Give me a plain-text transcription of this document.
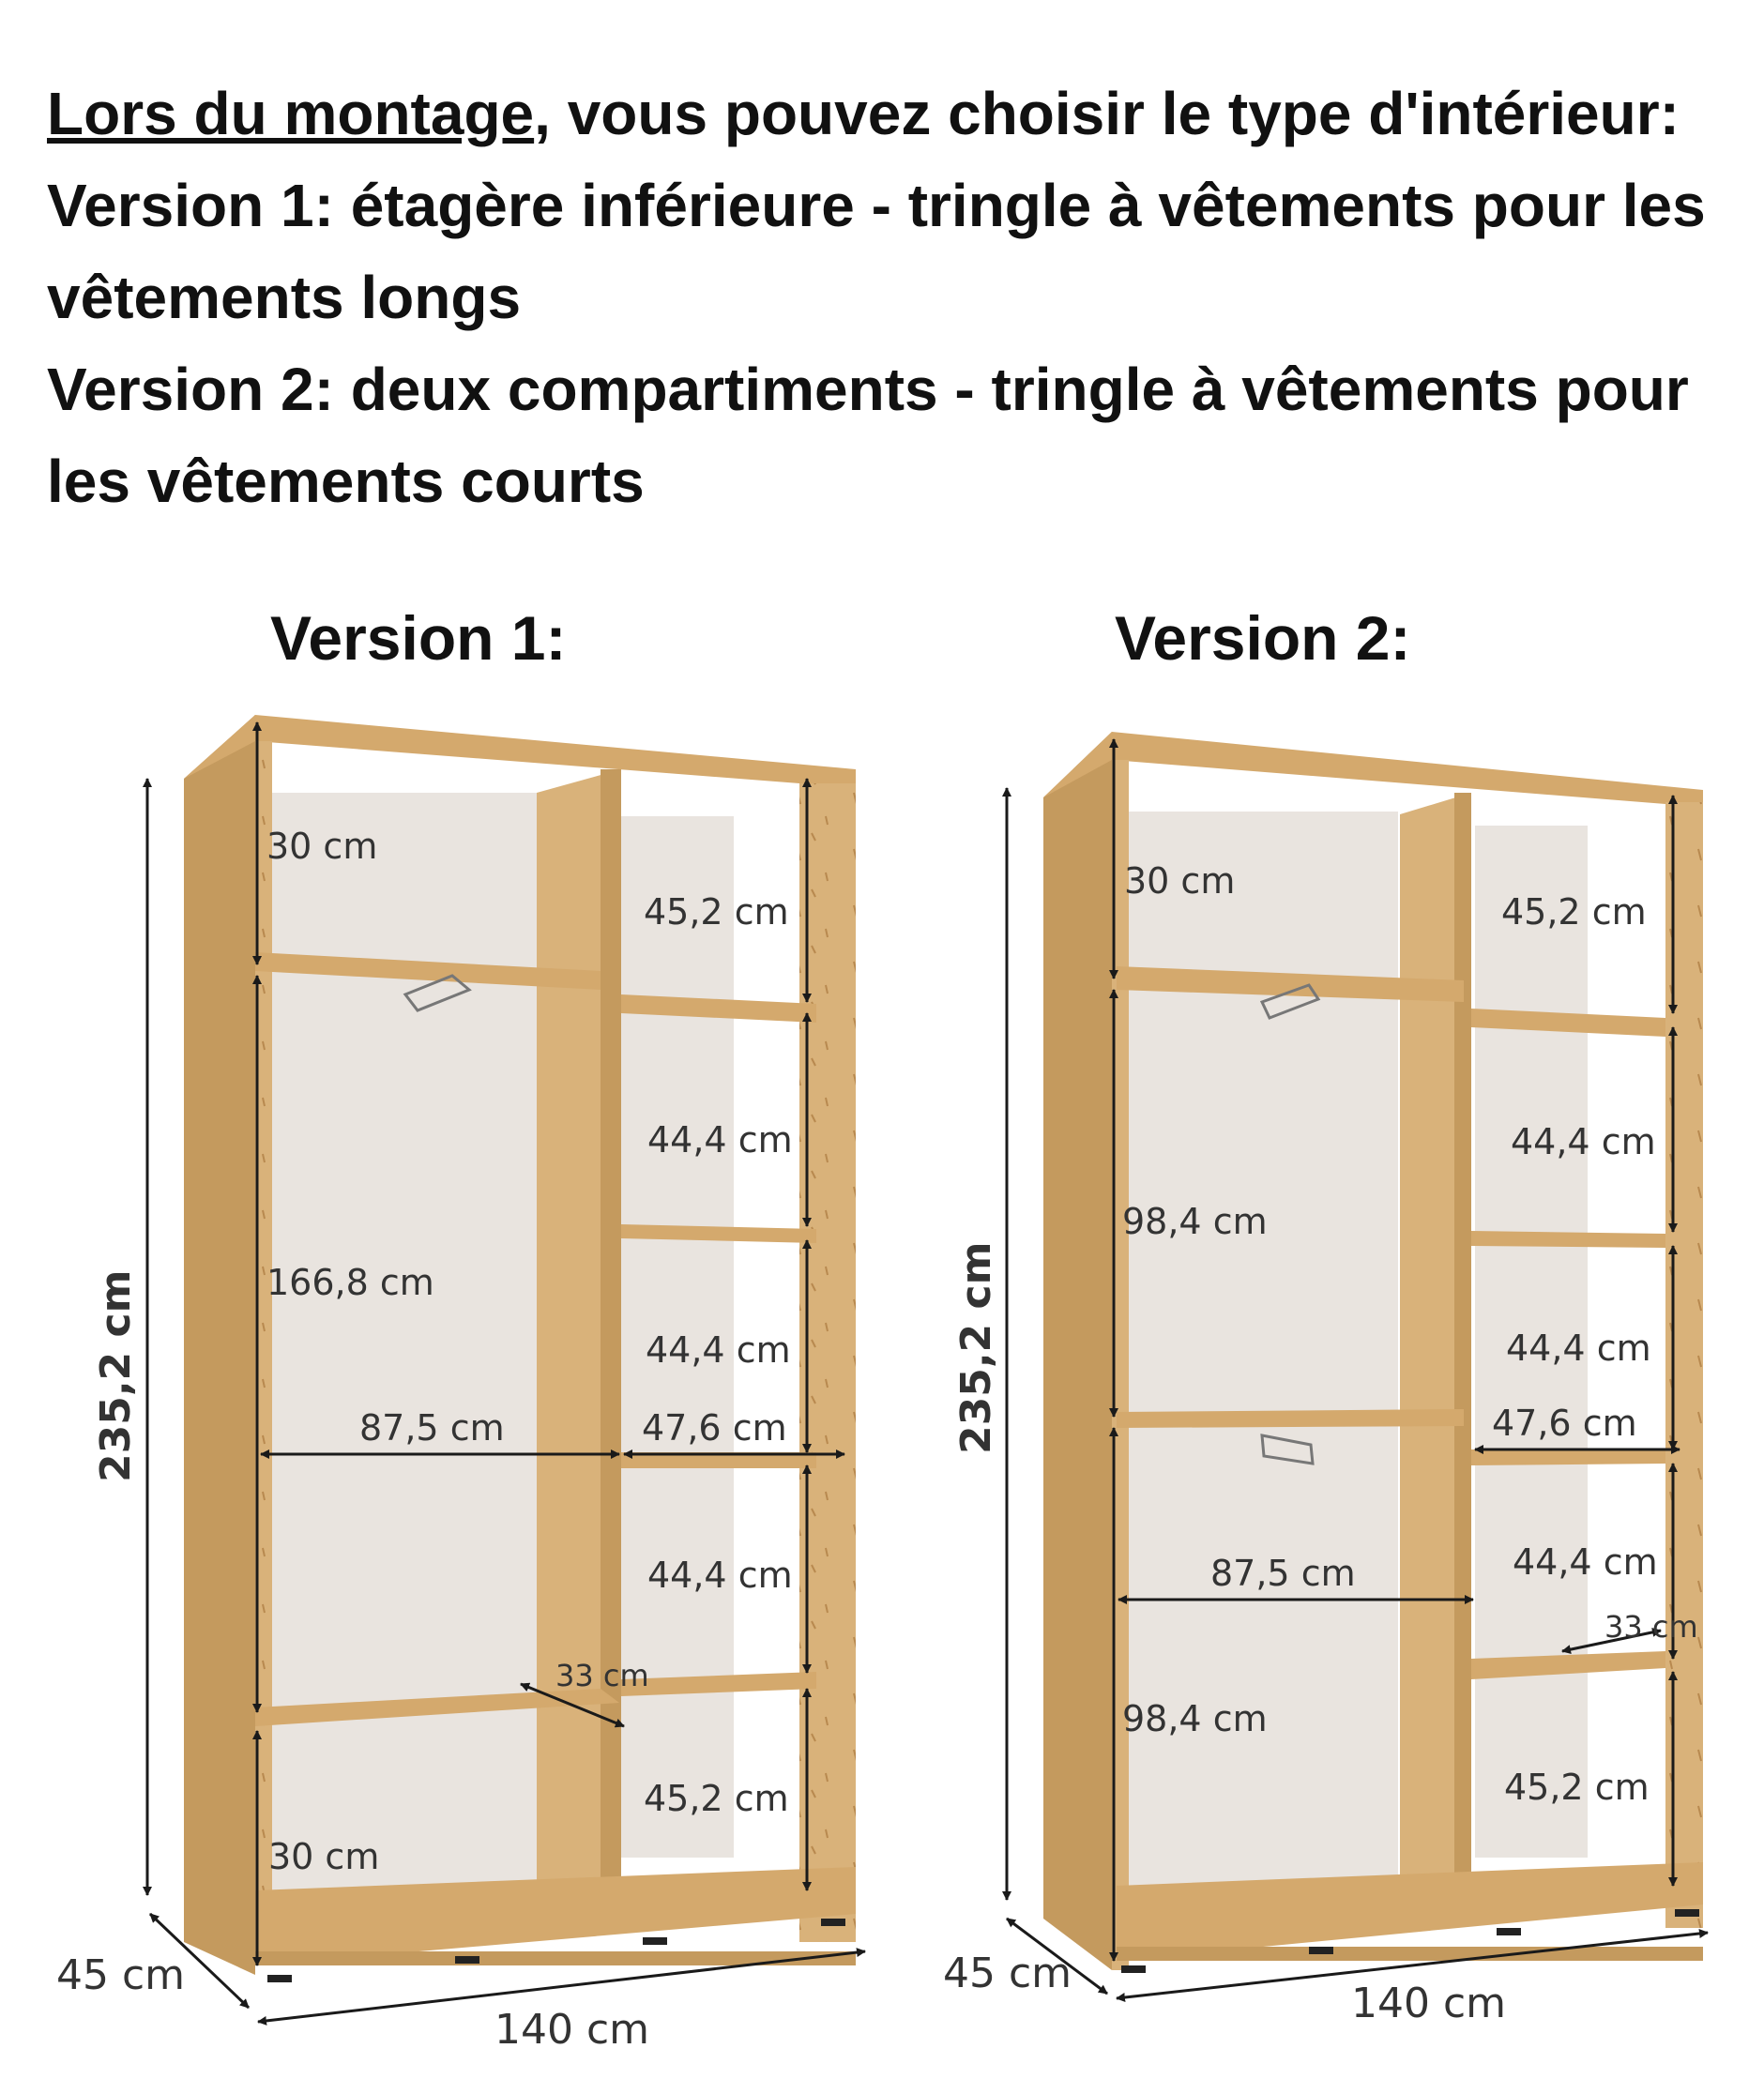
Lors du montage, vous pouvez choisir le type d'intérieur:

Version 1: étagère inférieure - tringle à vêtements pour les vêtements longs

Version 2: deux compartiments - tringle à vêtements pour les vêtements courts

Version 1:	Version 2:
235,2 cm
30 cm
166,8 cm
30 cm
87,5 cm	47,6 cm
33 cm
45,2 cm
44,4 cm
44,4 cm
44,4 cm
45,2 cm
45 cm
140 cm
235,2 cm
30 cm
98,4 cm
98,4 cm
87,5 cm
47,6 cm
33 cm
45,2 cm
44,4 cm
44,4 cm
44,4 cm
45,2 cm
45 cm
140 cm
